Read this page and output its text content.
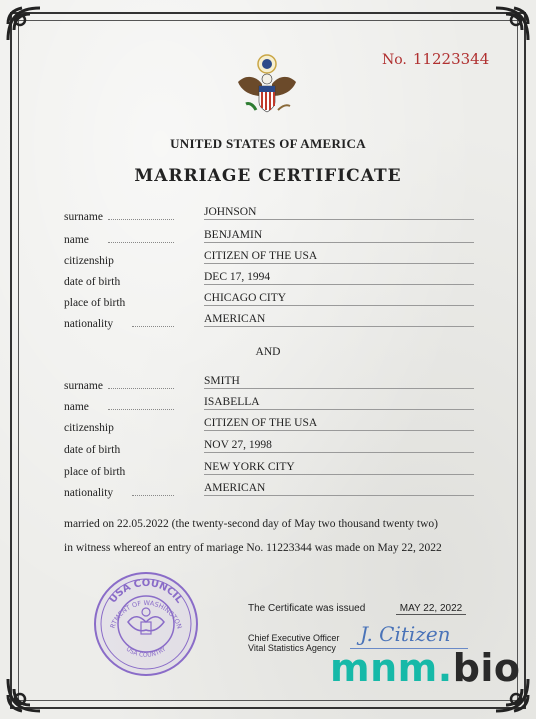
No. 11223344
UNITED STATES OF AMERICA
MARRIAGE CERTIFICATE
surname	JOHNSON
name	BENJAMIN
citizenship	CITIZEN OF THE USA
date of birth	DEC 17, 1994
place of birth	CHICAGO CITY
nationality	AMERICAN
AND
surname	SMITH
name	ISABELLA
citizenship	CITIZEN OF THE USA
date of birth	NOV 27, 1998
place of birth	NEW YORK CITY
nationality	AMERICAN
married on 22.05.2022 (the twenty-second day of May two thousand twenty two)
in witness whereof an entry of mariage No. 11223344 was made on May 22, 2022
USA COUNCIL
RTMENT OF WASHINGTON
USA COUNTRY
The Certificate was issued	MAY 22, 2022
Chief Executive Officer
Vital Statistics Agency
J. Citizen
mnm.bio
